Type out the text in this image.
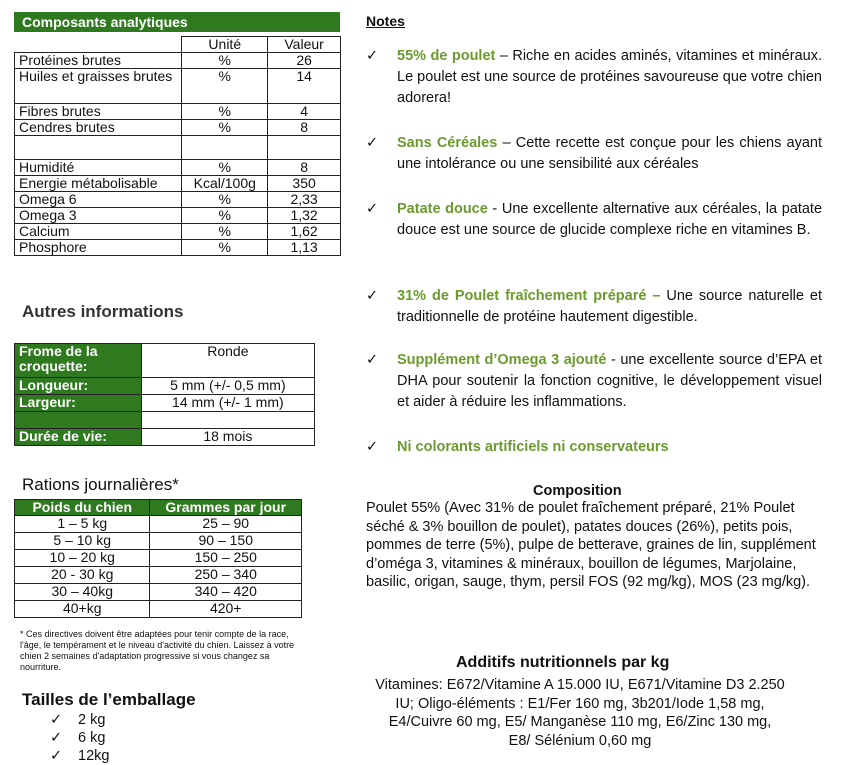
Composants analytiques
	Unité	Valeur
Protéines brutes	%	26
Huiles et graisses brutes	%	14
Fibres brutes	%	4
Cendres brutes	%	8

Humidité	%	8
Energie métabolisable	Kcal/100g	350
Omega 6	%	2,33
Omega 3	%	1,32
Calcium	%	1,62
Phosphore	%	1,13
Autres informations
Frome de la croquette:	Ronde
Longueur:	5 mm (+/- 0,5 mm)
Largeur:	14 mm (+/- 1 mm)

Durée de vie:	18 mois
Rations journalières*
Poids du chien	Grammes par jour
1 – 5 kg	25 – 90
5 – 10 kg	90 – 150
10 – 20 kg	150 – 250
20 - 30 kg	250 – 340
30 – 40kg	340 – 420
40+kg	420+
* Ces directives doivent être adaptées pour tenir compte de la race, l'âge, le tempérament et le niveau d'activité du chien. Laissez à votre chien 2 semaines d'adaptation progressive si vous changez sa nourriture.
Tailles de l’emballage
✓ 2 kg
✓ 6 kg
✓ 12kg
Notes
✓	55% de poulet – Riche en acides aminés, vitamines et minéraux. Le poulet est une source de protéines savoureuse que votre chien adorera!
✓	Sans Céréales – Cette recette est conçue pour les chiens ayant une intolérance ou une sensibilité aux céréales
✓	Patate douce - Une excellente alternative aux céréales, la patate douce est une source de glucide complexe riche en vitamines B.
✓	31% de Poulet fraîchement préparé – Une source naturelle et traditionnelle de protéine hautement digestible.
✓	Supplément d’Omega 3 ajouté - une excellente source d’EPA et DHA pour soutenir la fonction cognitive, le développement visuel et aider à réduire les inflammations.
✓	Ni colorants artificiels ni conservateurs
Composition
Poulet 55% (Avec 31% de poulet fraîchement préparé, 21% Poulet séché & 3% bouillon de poulet), patates douces (26%), petits pois, pommes de terre (5%), pulpe de betterave, graines de lin, supplément d’oméga 3, vitamines & minéraux, bouillon de légumes, Marjolaine, basilic, origan, sauge, thym, persil FOS (92 mg/kg), MOS (23 mg/kg).
Additifs nutritionnels par kg
Vitamines: E672/Vitamine A 15.000 IU, E671/Vitamine D3 2.250
IU; Oligo-éléments : E1/Fer 160 mg, 3b201/Iode 1,58 mg,
E4/Cuivre 60 mg, E5/ Manganèse 110 mg, E6/Zinc 130 mg,
E8/ Sélénium 0,60 mg
